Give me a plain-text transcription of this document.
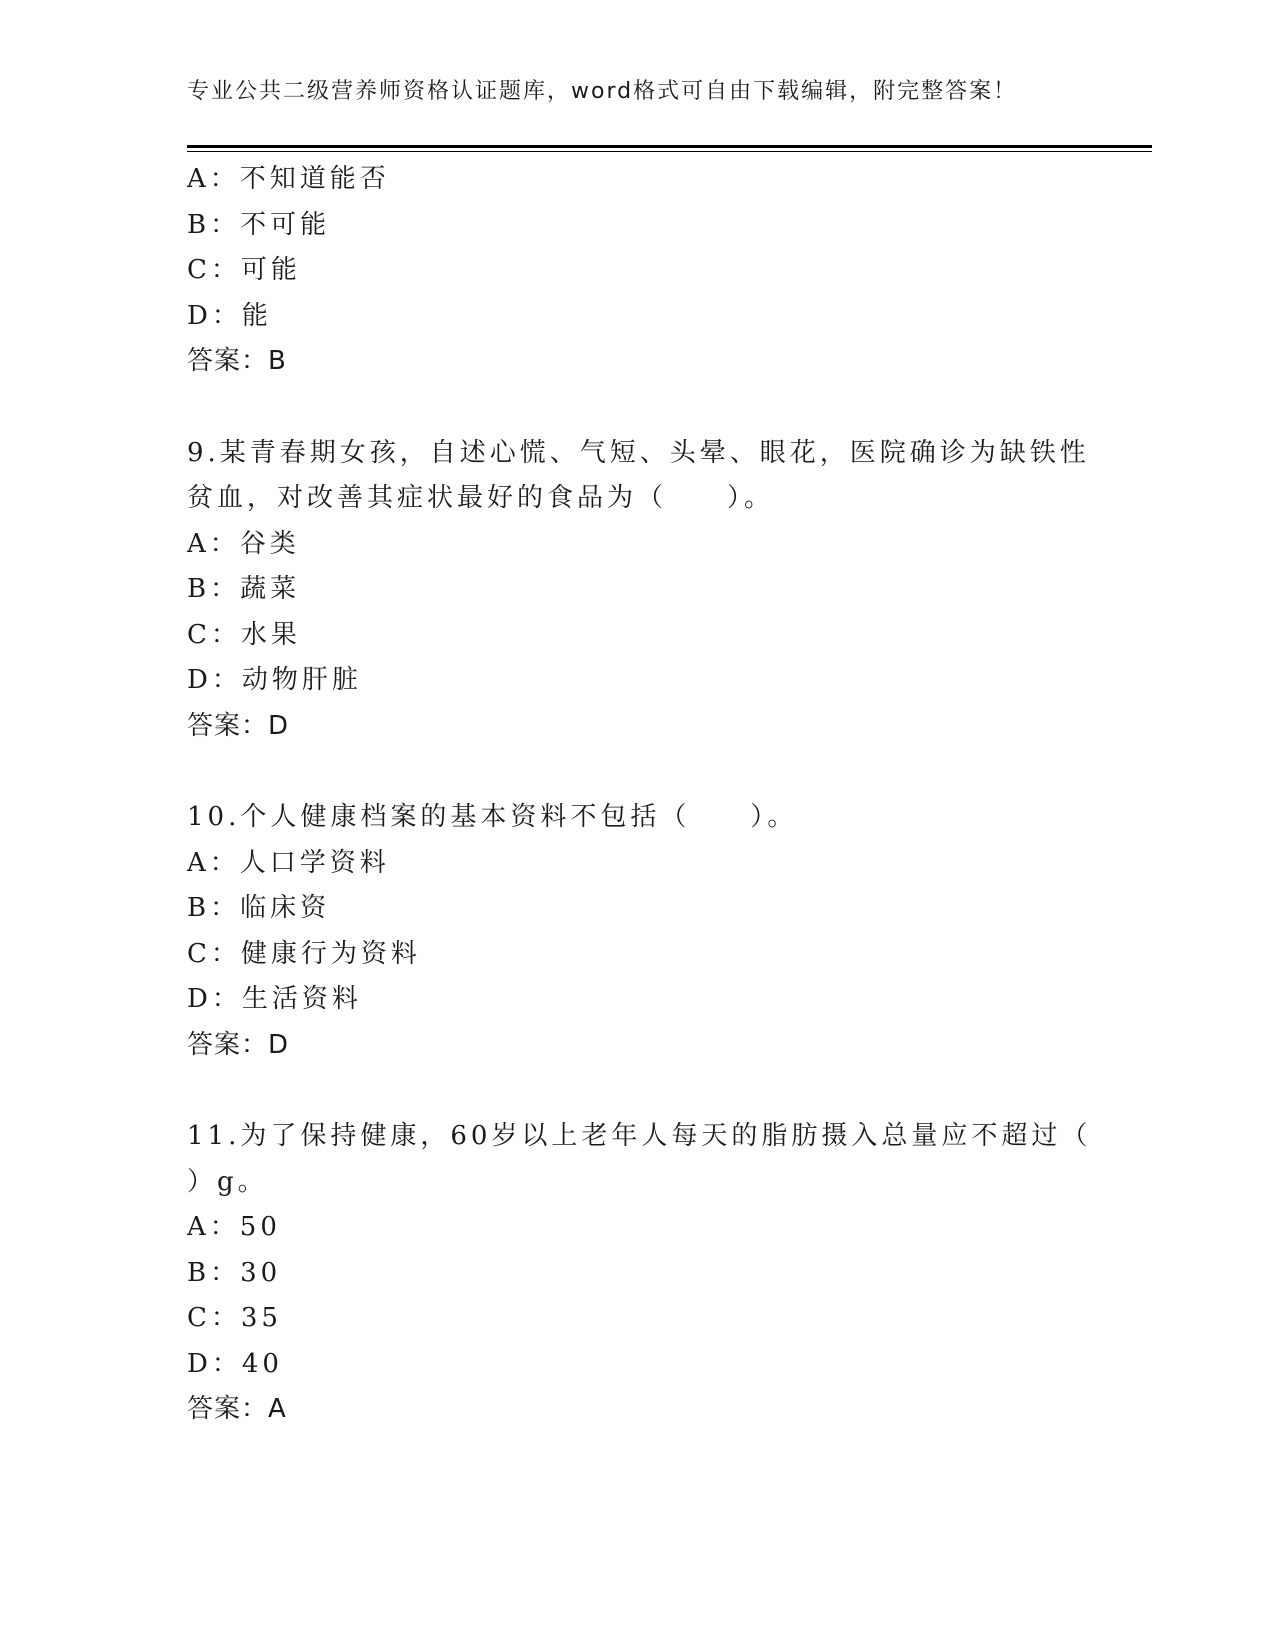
专业公共二级营养师资格认证题库，word格式可自由下载编辑，附完整答案！
A：不知道能否
B：不可能
C：可能
D：能
答案：B
9.某青春期女孩，自述心慌、气短、头晕、眼花，医院确诊为缺铁性
贫血，对改善其症状最好的食品为（　　）。
A：谷类
B：蔬菜
C：水果
D：动物肝脏
答案：D
10.个人健康档案的基本资料不包括（　　）。
A：人口学资料
B：临床资
C：健康行为资料
D：生活资料
答案：D
11.为了保持健康，60岁以上老年人每天的脂肪摄入总量应不超过（
）g。
A：50
B：30
C：35
D：40
答案：A
